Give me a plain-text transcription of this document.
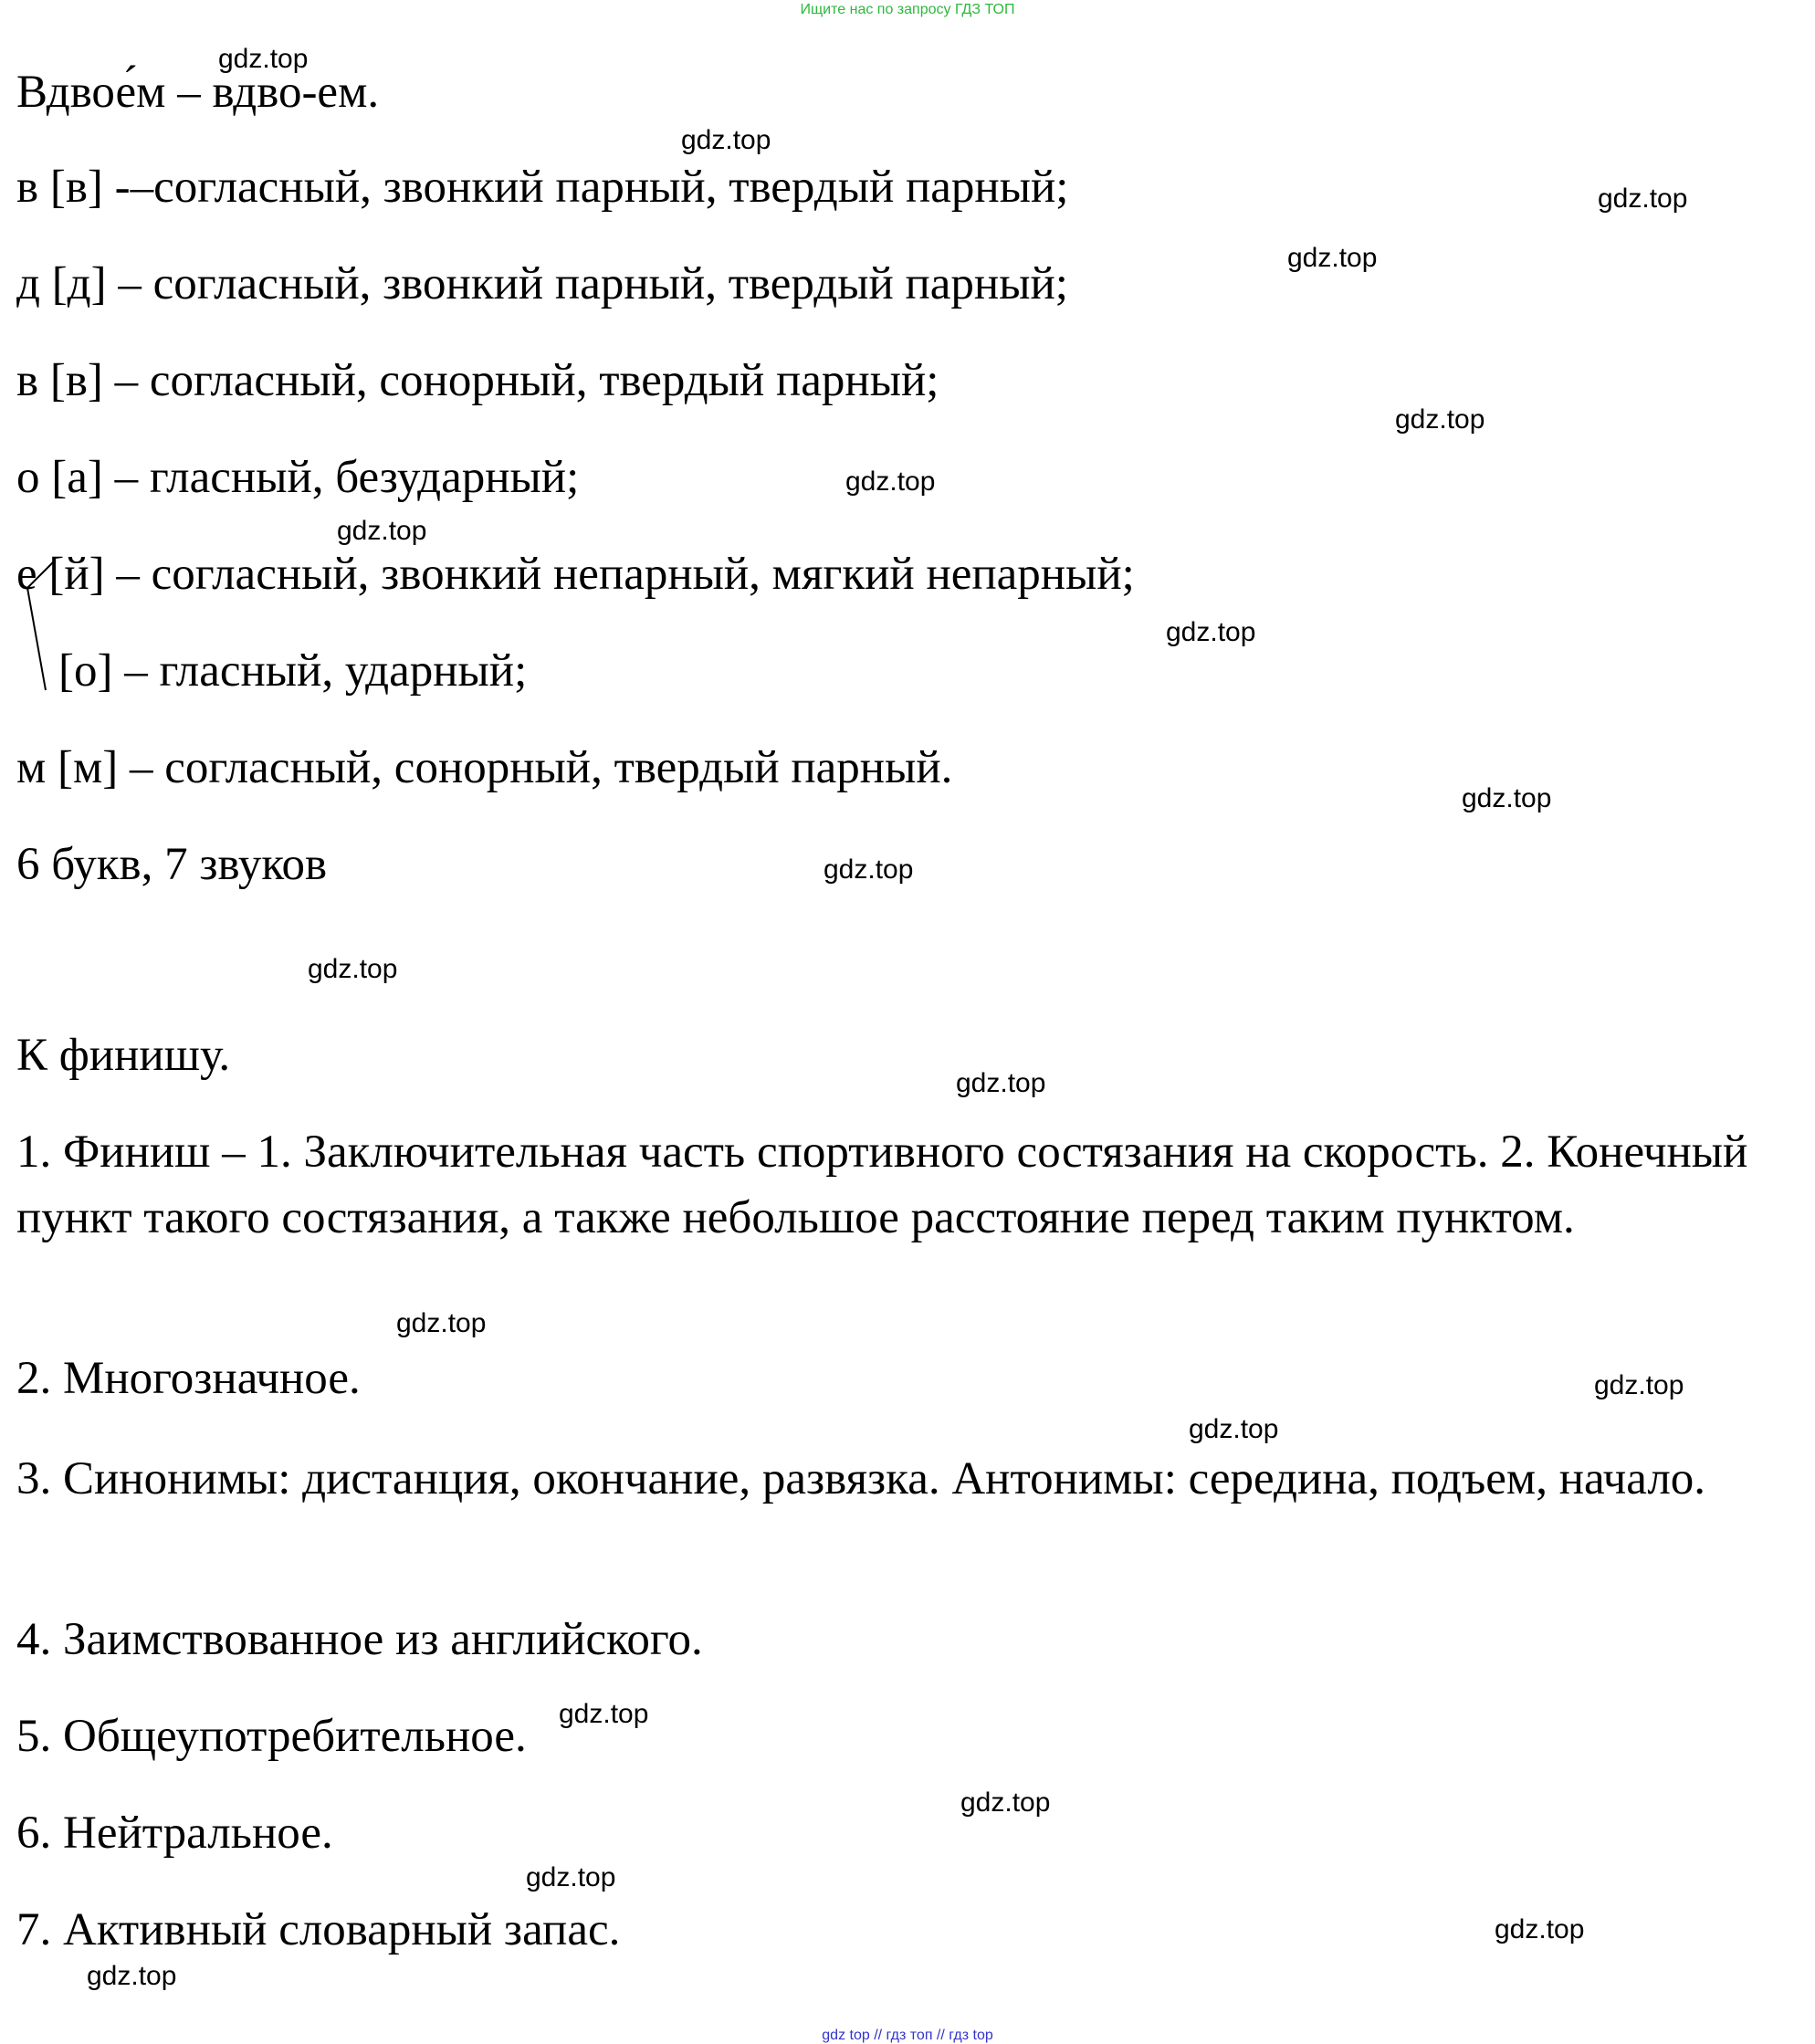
Ищите нас по запросу ГДЗ ТОП
Вдвое́м – вдво-ем.

в [в] -–согласный, звонкий парный, твердый парный;

д [д] – согласный, звонкий парный, твердый парный;

в [в] – согласный, сонорный, твердый парный;

о [а] – гласный, безударный;

е [й] – согласный, звонкий непарный, мягкий непарный;

[о] – гласный, ударный;

м [м] – согласный, сонорный, твердый парный.

6 букв, 7 звуков

К финишу.

1. Финиш – 1. Заключительная часть спортивного состязания на скорость. 2. Конечный пункт такого состязания, а также небольшое расстояние перед таким пунктом.

2. Многозначное.

3. Синонимы: дистанция, окончание, развязка. Антонимы: середина, подъем, начало.

4. Заимствованное из английского.

5. Общеупотребительное.

6. Нейтральное.

7. Активный словарный запас.

gdz.top
gdz.top
gdz.top
gdz.top
gdz.top
gdz.top
gdz.top
gdz.top
gdz.top
gdz.top
gdz.top
gdz.top
gdz.top
gdz.top
gdz.top
gdz.top
gdz.top
gdz.top
gdz.top
gdz.top
gdz top // гдз топ // гдз top
